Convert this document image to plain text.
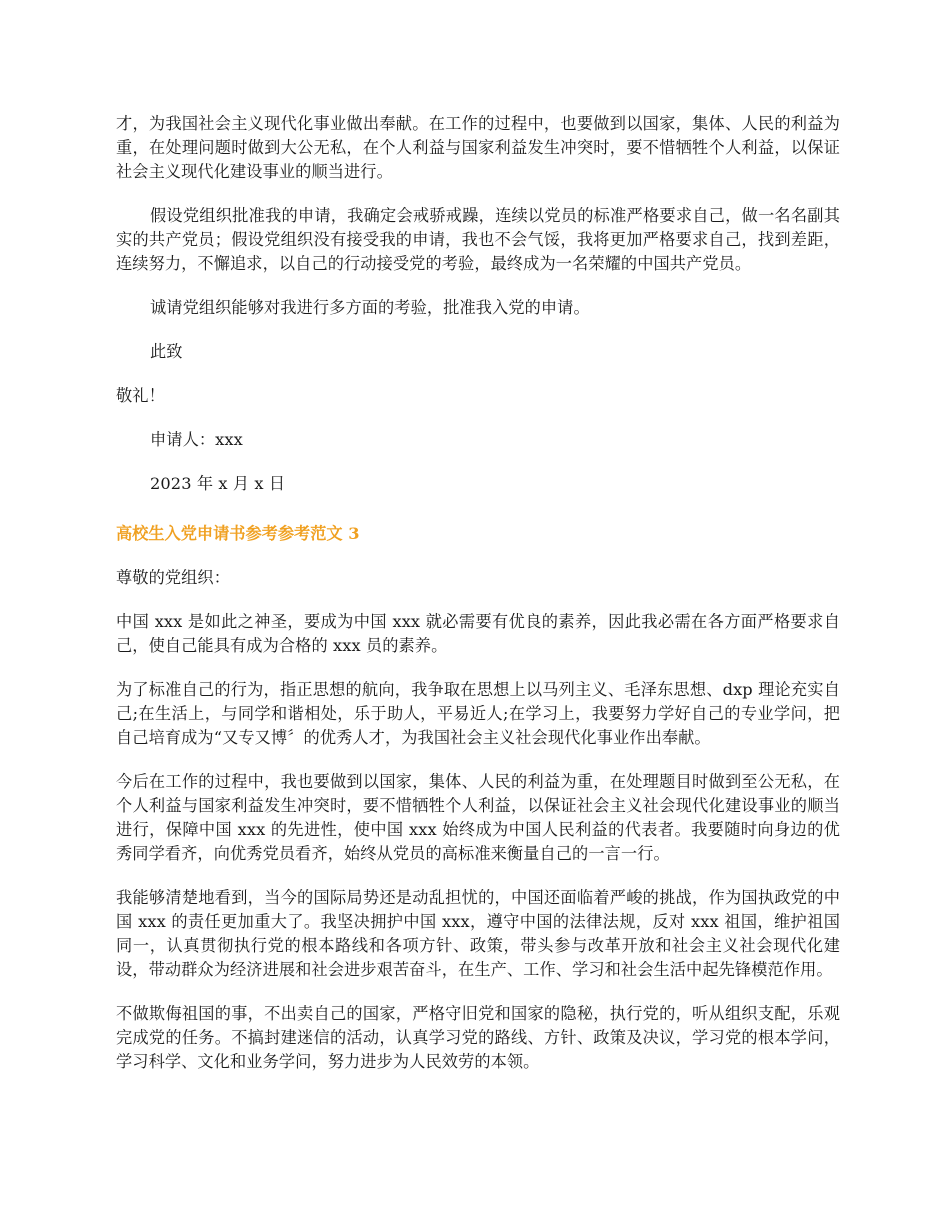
才，为我国社会主义现代化事业做出奉献。在工作的过程中，也要做到以国家，集体、人民的利益为重，在处理问题时做到大公无私，在个人利益与国家利益发生冲突时，要不惜牺牲个人利益，以保证社会主义现代化建设事业的顺当进行。

假设党组织批准我的申请，我确定会戒骄戒躁，连续以党员的标准严格要求自己，做一名名副其实的共产党员；假设党组织没有接受我的申请，我也不会气馁，我将更加严格要求自己，找到差距，连续努力，不懈追求，以自己的行动接受党的考验，最终成为一名荣耀的中国共产党员。

诚请党组织能够对我进行多方面的考验，批准我入党的申请。

此致

敬礼！

申请人：xxx

2023 年 x 月 x 日

高校生入党申请书参考参考范文 3

尊敬的党组织：

中国 xxx 是如此之神圣，要成为中国 xxx 就必需要有优良的素养，因此我必需在各方面严格要求自己，使自己能具有成为合格的 xxx 员的素养。

为了标准自己的行为，指正思想的航向，我争取在思想上以马列主义、毛泽东思想、dxp 理论充实自己;在生活上，与同学和谐相处，乐于助人，平易近人;在学习上，我要努力学好自己的专业学问，把自己培育成为“又专又博〞的优秀人才，为我国社会主义社会现代化事业作出奉献。

今后在工作的过程中，我也要做到以国家，集体、人民的利益为重，在处理题目时做到至公无私，在个人利益与国家利益发生冲突时，要不惜牺牲个人利益，以保证社会主义社会现代化建设事业的顺当进行，保障中国 xxx 的先进性，使中国 xxx 始终成为中国人民利益的代表者。我要随时向身边的优秀同学看齐，向优秀党员看齐，始终从党员的高标准来衡量自己的一言一行。

我能够清楚地看到，当今的国际局势还是动乱担忧的，中国还面临着严峻的挑战，作为国执政党的中国 xxx 的责任更加重大了。我坚决拥护中国 xxx，遵守中国的法律法规，反对 xxx 祖国，维护祖国同一，认真贯彻执行党的根本路线和各项方针、政策，带头参与改革开放和社会主义社会现代化建设，带动群众为经济进展和社会进步艰苦奋斗，在生产、工作、学习和社会生活中起先锋模范作用。

不做欺侮祖国的事，不出卖自己的国家，严格守旧党和国家的隐秘，执行党的，听从组织支配，乐观完成党的任务。不搞封建迷信的活动，认真学习党的路线、方针、政策及决议，学习党的根本学问，学习科学、文化和业务学问，努力进步为人民效劳的本领。
